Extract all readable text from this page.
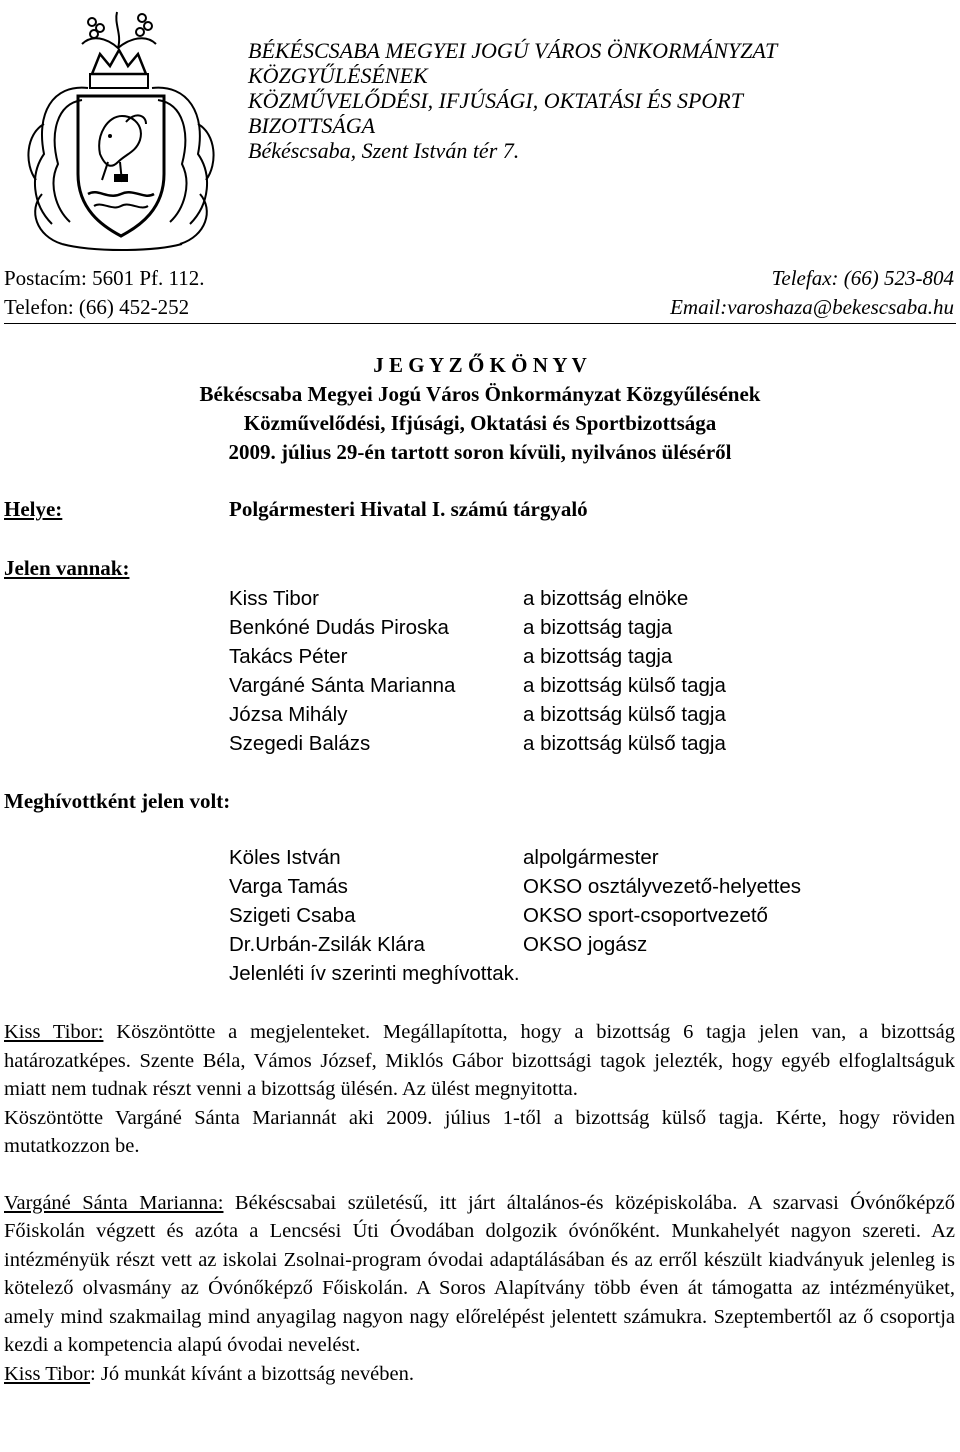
BÉKÉSCSABA MEGYEI JOGÚ VÁROS ÖNKORMÁNYZAT
KÖZGYŰLÉSÉNEK
KÖZMŰVELŐDÉSI, IFJÚSÁGI, OKTATÁSI ÉS SPORT
BIZOTTSÁGA
Békéscsaba, Szent István tér 7.
Postacím: 5601 Pf. 112.
Telefon: (66) 452-252
Telefax: (66) 523-804
Email:varoshaza@bekescsaba.hu
J E G Y Z Ő K Ö N Y V
Békéscsaba Megyei Jogú Város Önkormányzat Közgyűlésének
Közművelődési, Ifjúsági, Oktatási és Sportbizottsága
2009. július 29-én tartott soron kívüli, nyilvános üléséről
Helye:	Polgármesteri Hivatal I. számú tárgyaló
Jelen vannak:
Kiss Tibor
Benkóné Dudás Piroska
Takács Péter
Vargáné Sánta Marianna
Józsa Mihály
Szegedi Balázs
a bizottság elnöke
a bizottság tagja
a bizottság tagja
a bizottság külső tagja
a bizottság külső tagja
a bizottság külső tagja
Meghívottként jelen volt:
Köles István
Varga Tamás
Szigeti Csaba
Dr.Urbán-Zsilák Klára
Jelenléti ív szerinti meghívottak.
alpolgármester
OKSO osztályvezető-helyettes
OKSO sport-csoportvezető
OKSO jogász

Kiss Tibor: Köszöntötte a megjelenteket. Megállapította, hogy a bizottság 6 tagja jelen van, a bizottság határozatképes. Szente Béla, Vámos József, Miklós Gábor bizottsági tagok jelezték, hogy egyéb elfoglaltságuk miatt nem tudnak részt venni a bizottság ülésén. Az ülést megnyitotta.

Köszöntötte Vargáné Sánta Mariannát aki 2009. július 1-től a bizottság külső tagja. Kérte, hogy röviden mutatkozzon be.

Vargáné Sánta Marianna: Békéscsabai születésű, itt járt általános-és középiskolába. A szarvasi Óvónőképző Főiskolán végzett és azóta a Lencsési Úti Óvodában dolgozik óvónőként. Munkahelyét nagyon szereti. Az intézményük részt vett az iskolai Zsolnai-program óvodai adaptálásában és az erről készült kiadványuk jelenleg is kötelező olvasmány az Óvónőképző Főiskolán. A Soros Alapítvány több éven át támogatta az intézményüket, amely mind szakmailag mind anyagilag nagyon nagy előrelépést jelentett számukra. Szeptembertől az ő csoportja kezdi a kompetencia alapú óvodai nevelést.

Kiss Tibor: Jó munkát kívánt a bizottság nevében.
